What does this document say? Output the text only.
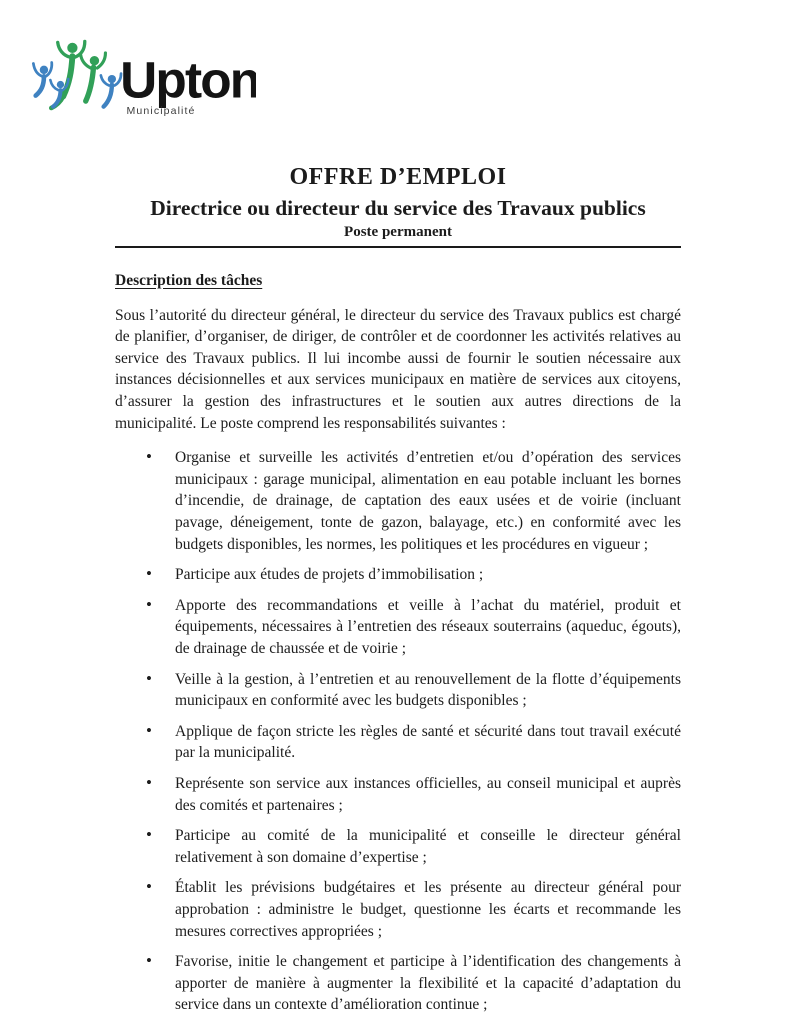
Upton
Municipalité
OFFRE D’EMPLOI
Directrice ou directeur du service des Travaux publics
Poste permanent
Description des tâches

Sous l’autorité du directeur général, le directeur du service des Travaux publics est chargé de planifier, d’organiser, de diriger, de contrôler et de coordonner les activités relatives au service des Travaux publics. Il lui incombe aussi de fournir le soutien nécessaire aux instances décisionnelles et aux services municipaux en matière de services aux citoyens, d’assurer la gestion des infrastructures et le soutien aux autres directions de la municipalité. Le poste comprend les responsabilités suivantes :

• Organise et surveille les activités d’entretien et/ou d’opération des services municipaux : garage municipal, alimentation en eau potable incluant les bornes d’incendie, de drainage, de captation des eaux usées et de voirie (incluant pavage, déneigement, tonte de gazon, balayage, etc.) en conformité avec les budgets disponibles, les normes, les politiques et les procédures en vigueur ;
• Participe aux études de projets d’immobilisation ;
• Apporte des recommandations et veille à l’achat du matériel, produit et équipements, nécessaires à l’entretien des réseaux souterrains (aqueduc, égouts), de drainage de chaussée et de voirie ;
• Veille à la gestion, à l’entretien et au renouvellement de la flotte d’équipements municipaux en conformité avec les budgets disponibles ;
• Applique de façon stricte les règles de santé et sécurité dans tout travail exécuté par la municipalité.
• Représente son service aux instances officielles, au conseil municipal et auprès des comités et partenaires ;
• Participe au comité de la municipalité et conseille le directeur général relativement à son domaine d’expertise ;
• Établit les prévisions budgétaires et les présente au directeur général pour approbation : administre le budget, questionne les écarts et recommande les mesures correctives appropriées ;
• Favorise, initie le changement et participe à l’identification des changements à apporter de manière à augmenter la flexibilité et la capacité d’adaptation du service dans un contexte d’amélioration continue ;
